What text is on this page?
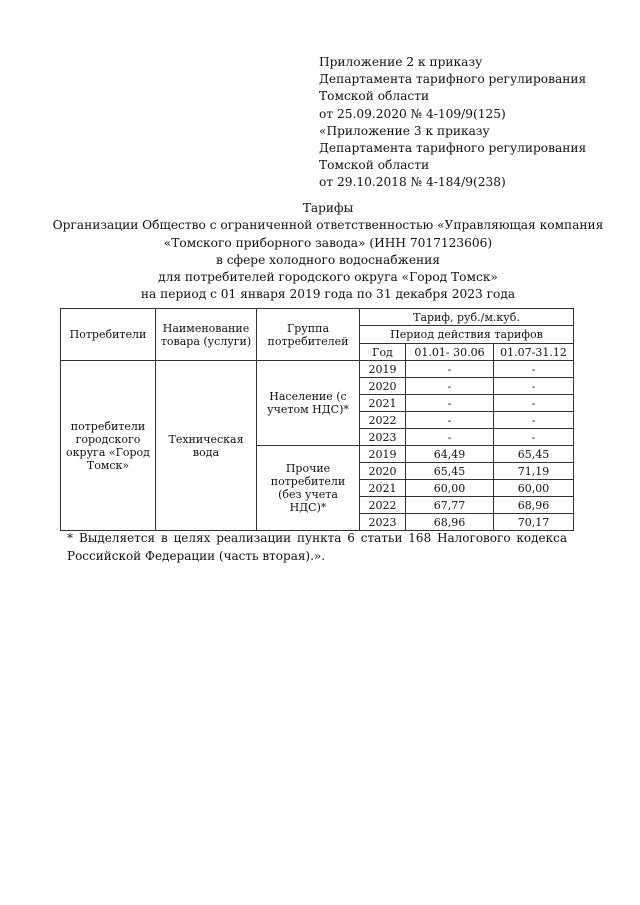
Приложение 2 к приказу
Департамента тарифного регулирования
Томской области
от 25.09.2020 № 4-109/9(125)
«Приложение 3 к приказу
Департамента тарифного регулирования
Томской области
от 29.10.2018 № 4-184/9(238)
Тарифы
Организации Общество с ограниченной ответственностью «Управляющая компания
«Томского приборного завода» (ИНН 7017123606)
в сфере холодного водоснабжения
для потребителей городского округа «Город Томск»
на период с 01 января 2019 года по 31 декабря 2023 года
Потребители	Наименование товара (услуги)	Группа потребителей	Тариф, руб./м.куб.		
			Период действия тарифов		
			Год	01.01- 30.06	01.07-31.12
потребители городского округа «Город Томск»	Техническая вода	Население (с учетом НДС)*	2019	-	-
			2020	-	-
			2021	-	-
			2022	-	-
			2023	-	-
		Прочие потребители (без учета НДС)*	2019	64,49	65,45
			2020	65,45	71,19
			2021	60,00	60,00
			2022	67,77	68,96
			2023	68,96	70,17
* Выделяется в целях реализации пункта 6 статьи 168 Налогового кодекса Российской Федерации (часть вторая).».
